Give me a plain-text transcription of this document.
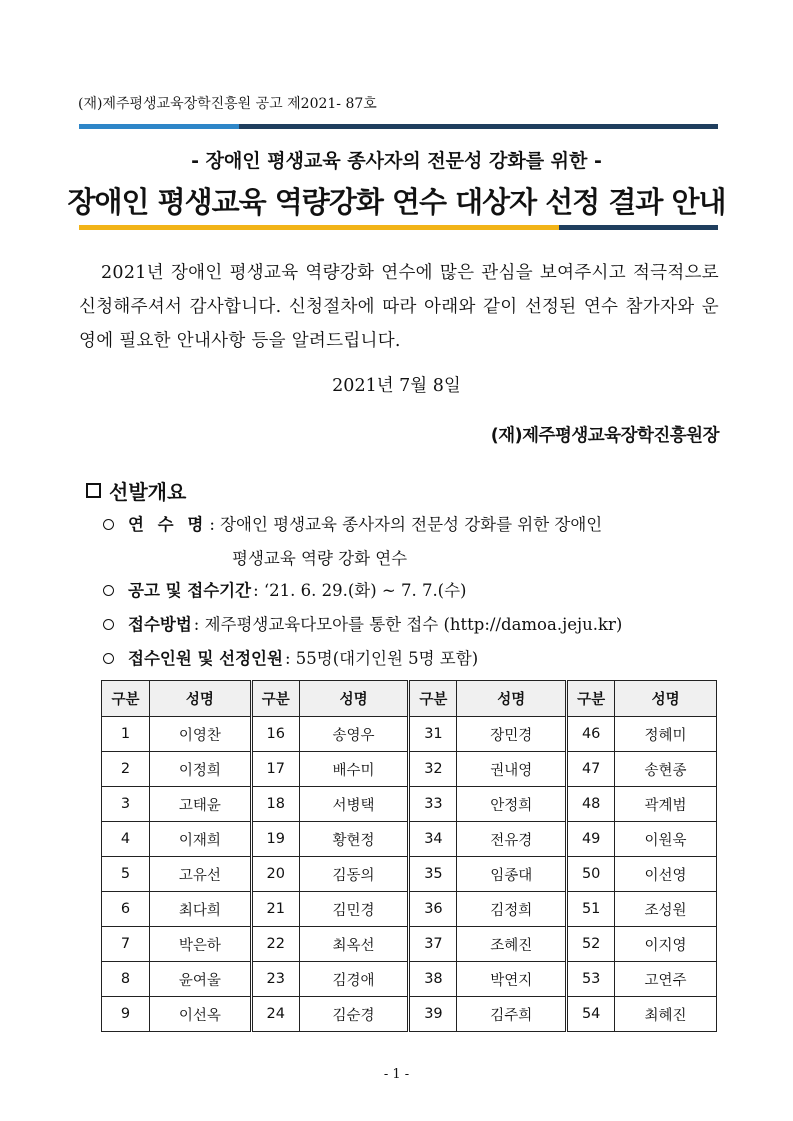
(재)제주평생교육장학진흥원 공고 제2021- 87호
- 장애인 평생교육 종사자의 전문성 강화를 위한 -
장애인 평생교육 역량강화 연수 대상자 선정 결과 안내
2021년 장애인 평생교육 역량강화 연수에 많은 관심을 보여주시고 적극적으로 신청해주셔서 감사합니다. 신청절차에 따라 아래와 같이 선정된 연수 참가자와 운영에 필요한 안내사항 등을 알려드립니다.
2021년 7월 8일
(재)제주평생교육장학진흥원장
선발개요
연 수 명 : 장애인 평생교육 종사자의 전문성 강화를 위한 장애인
평생교육 역량 강화 연수
공고 및 접수기간 : ‘21. 6. 29.(화) ~ 7. 7.(수)
접수방법 : 제주평생교육다모아를 통한 접수 (http://damoa.jeju.kr)
접수인원 및 선정인원 : 55명(대기인원 5명 포함)
구분	성명	구분	성명	구분	성명	구분	성명
1	이영찬	16	송영우	31	장민경	46	정혜미
2	이정희	17	배수미	32	권내영	47	송현종
3	고태윤	18	서병택	33	안정희	48	곽계범
4	이재희	19	황현정	34	전유경	49	이원욱
5	고유선	20	김동의	35	임종대	50	이선영
6	최다희	21	김민경	36	김정희	51	조성원
7	박은하	22	최옥선	37	조혜진	52	이지영
8	윤여울	23	김경애	38	박연지	53	고연주
9	이선옥	24	김순경	39	김주희	54	최혜진
- 1 -
